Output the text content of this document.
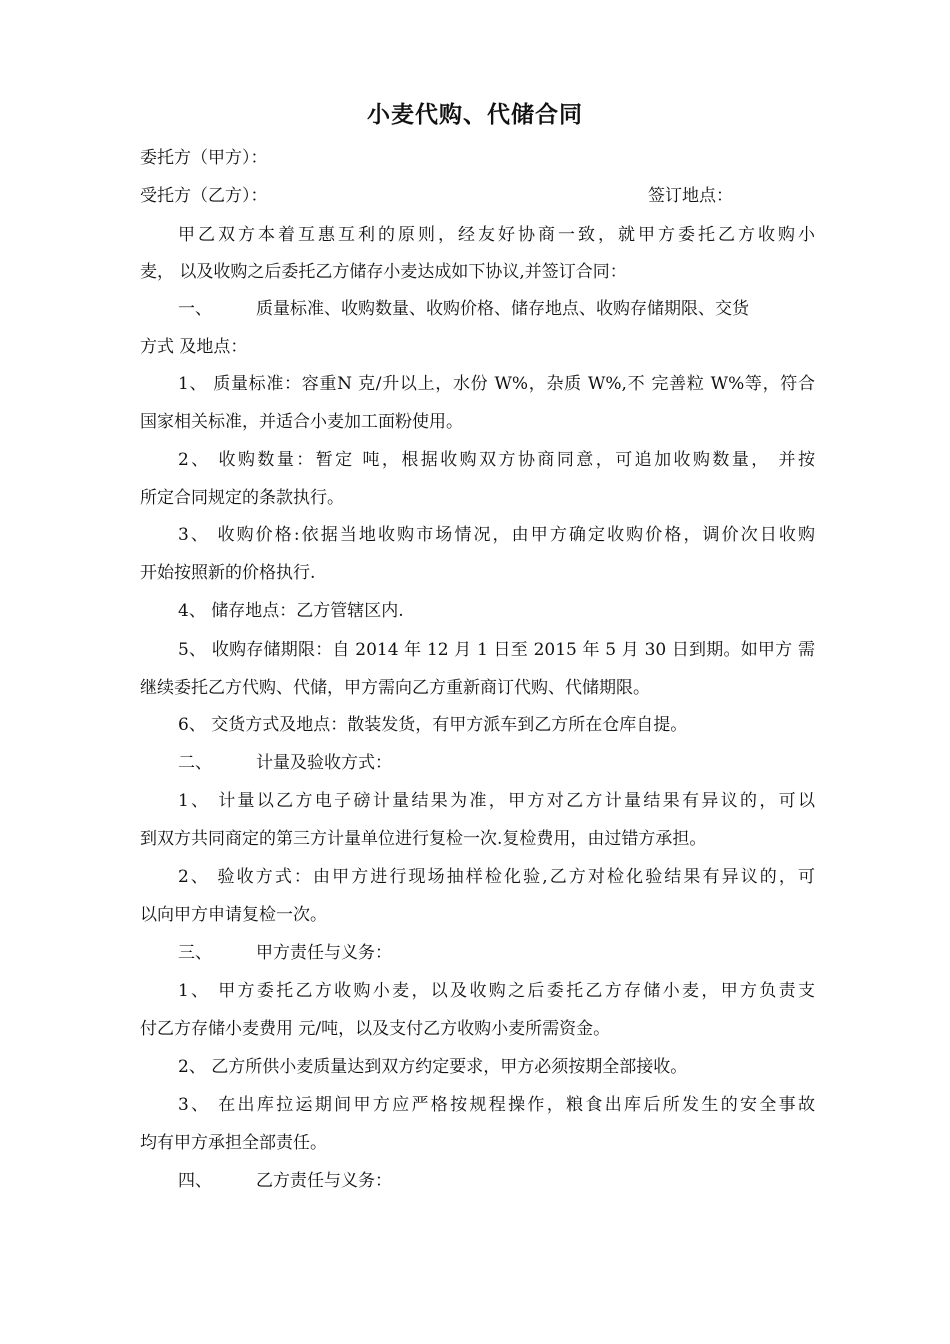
小麦代购、代储合同
委托方（甲方）：
受托方（乙方）：	签订地点：
甲乙双方本着互惠互利的原则，经友好协商一致，就甲方委托乙方收购小
麦， 以及收购之后委托乙方储存小麦达成如下协议,并签订合同：
一、	质量标准、收购数量、收购价格、储存地点、收购存储期限、交货
方式 及地点：
1、 质量标准：容重N 克/升以上，水份 W%，杂质 W%,不 完善粒 W%等，符合
国家相关标准，并适合小麦加工面粉使用。
2、 收购数量：暂定 吨，根据收购双方协商同意，可追加收购数量， 并按
所定合同规定的条款执行。
3、 收购价格:依据当地收购市场情况，由甲方确定收购价格，调价次日收购
开始按照新的价格执行.
4、 储存地点：乙方管辖区内.
5、 收购存储期限：自 2014 年 12 月 1 日至 2015 年 5 月 30 日到期。如甲方 需
继续委托乙方代购、代储，甲方需向乙方重新商订代购、代储期限。
6、 交货方式及地点：散装发货，有甲方派车到乙方所在仓库自提。
二、	计量及验收方式：
1、 计量以乙方电子磅计量结果为准，甲方对乙方计量结果有异议的，可以
到双方共同商定的第三方计量单位进行复检一次.复检费用，由过错方承担。
2、 验收方式：由甲方进行现场抽样检化验,乙方对检化验结果有异议的，可
以向甲方申请复检一次。
三、	甲方责任与义务：
1、 甲方委托乙方收购小麦，以及收购之后委托乙方存储小麦，甲方负责支
付乙方存储小麦费用 元/吨，以及支付乙方收购小麦所需资金。
2、 乙方所供小麦质量达到双方约定要求，甲方必须按期全部接收。
3、 在出库拉运期间甲方应严格按规程操作，粮食出库后所发生的安全事故
均有甲方承担全部责任。
四、	乙方责任与义务：
